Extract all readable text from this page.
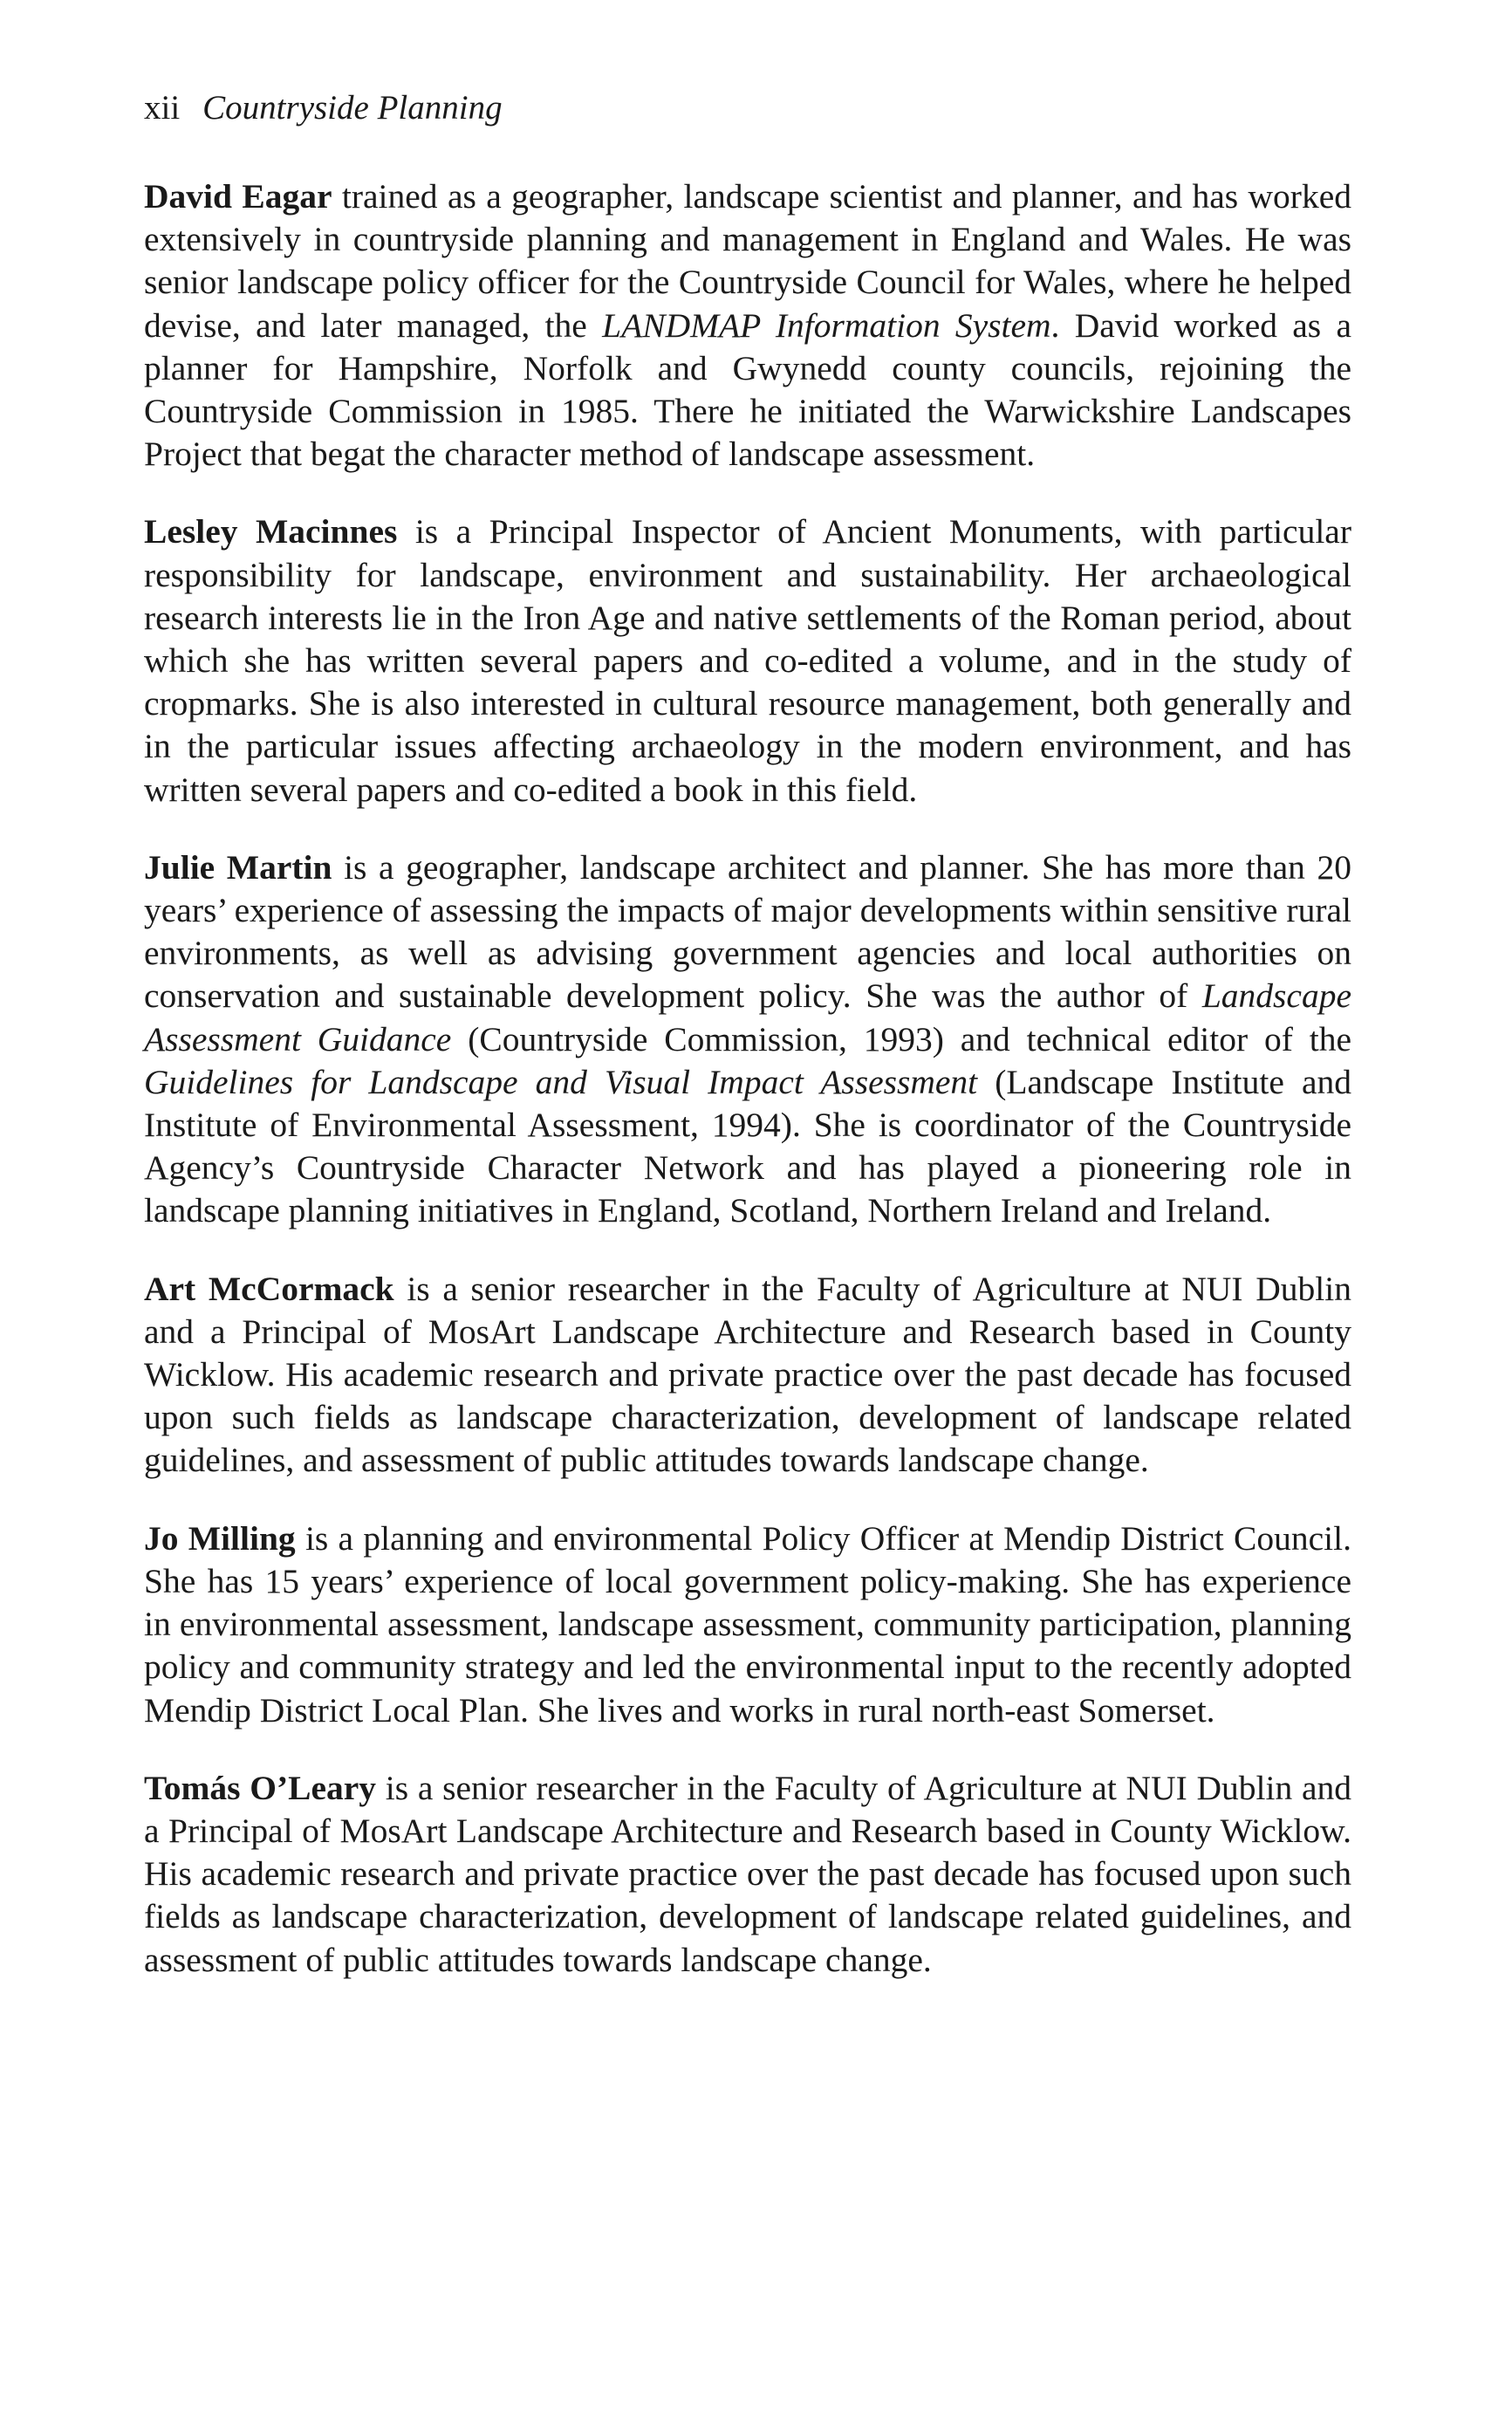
xii Countryside Planning

David Eagar trained as a geographer, landscape scientist and planner, and has worked extensively in countryside planning and management in England and Wales. He was senior landscape policy officer for the Countryside Council for Wales, where he helped devise, and later managed, the LANDMAP Information System. David worked as a planner for Hampshire, Norfolk and Gwynedd county councils, rejoining the Countryside Commission in 1985. There he initiated the Warwickshire Landscapes Project that begat the character method of landscape assessment.

Lesley Macinnes is a Principal Inspector of Ancient Monuments, with particular responsibility for landscape, environment and sustainability. Her archaeological research interests lie in the Iron Age and native settlements of the Roman period, about which she has written several papers and co-edited a volume, and in the study of cropmarks. She is also interested in cultural resource management, both generally and in the particular issues affecting archaeology in the modern environment, and has written several papers and co-edited a book in this field.

Julie Martin is a geographer, landscape architect and planner. She has more than 20 years’ experience of assessing the impacts of major developments within sensitive rural environments, as well as advising government agencies and local authorities on conservation and sustainable development policy. She was the author of Landscape Assessment Guidance (Countryside Commission, 1993) and technical editor of the Guidelines for Landscape and Visual Impact Assessment (Landscape Institute and Institute of Environmental Assessment, 1994). She is coordinator of the Countryside Agency’s Countryside Character Network and has played a pioneering role in landscape planning initiatives in England, Scotland, Northern Ireland and Ireland.

Art McCormack is a senior researcher in the Faculty of Agriculture at NUI Dublin and a Principal of MosArt Landscape Architecture and Research based in County Wicklow. His academic research and private practice over the past decade has focused upon such fields as landscape characterization, development of landscape related guidelines, and assessment of public attitudes towards landscape change.

Jo Milling is a planning and environmental Policy Officer at Mendip District Council. She has 15 years’ experience of local government policy-making. She has experience in environmental assessment, landscape assessment, community participation, planning policy and community strategy and led the environmental input to the recently adopted Mendip District Local Plan. She lives and works in rural north-east Somerset.

Tomás O’Leary is a senior researcher in the Faculty of Agriculture at NUI Dublin and a Principal of MosArt Landscape Architecture and Research based in County Wicklow. His academic research and private practice over the past decade has focused upon such fields as landscape characterization, development of landscape related guidelines, and assessment of public attitudes towards landscape change.
